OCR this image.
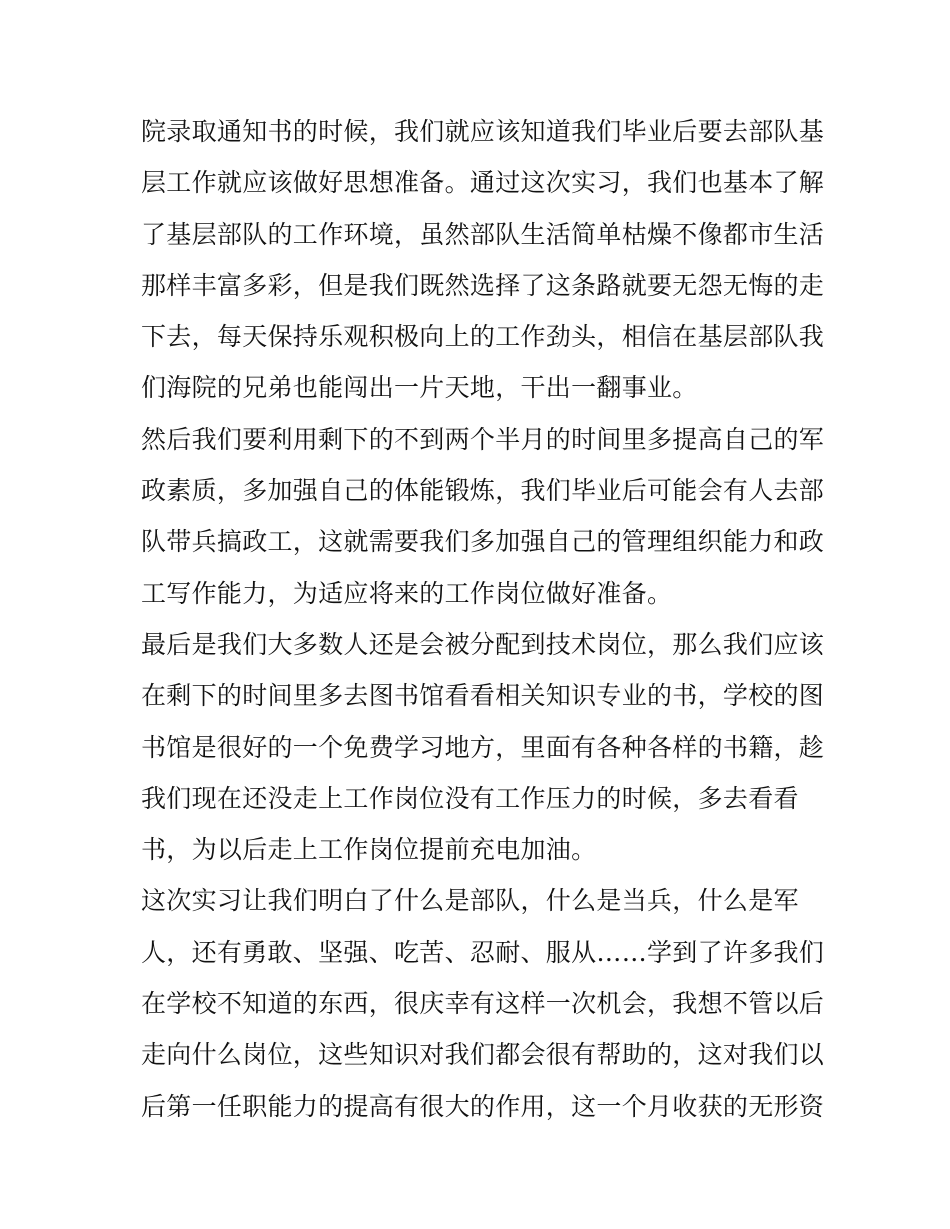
院录取通知书的时候，我们就应该知道我们毕业后要去部队基
层工作就应该做好思想准备。通过这次实习，我们也基本了解
了基层部队的工作环境，虽然部队生活简单枯燥不像都市生活
那样丰富多彩，但是我们既然选择了这条路就要无怨无悔的走
下去，每天保持乐观积极向上的工作劲头，相信在基层部队我
们海院的兄弟也能闯出一片天地，干出一翻事业。
然后我们要利用剩下的不到两个半月的时间里多提高自己的军
政素质，多加强自己的体能锻炼，我们毕业后可能会有人去部
队带兵搞政工，这就需要我们多加强自己的管理组织能力和政
工写作能力，为适应将来的工作岗位做好准备。
最后是我们大多数人还是会被分配到技术岗位，那么我们应该
在剩下的时间里多去图书馆看看相关知识专业的书，学校的图
书馆是很好的一个免费学习地方，里面有各种各样的书籍，趁
我们现在还没走上工作岗位没有工作压力的时候，多去看看
书，为以后走上工作岗位提前充电加油。
这次实习让我们明白了什么是部队，什么是当兵，什么是军
人，还有勇敢、坚强、吃苦、忍耐、服从……学到了许多我们
在学校不知道的东西，很庆幸有这样一次机会，我想不管以后
走向什么岗位，这些知识对我们都会很有帮助的，这对我们以
后第一任职能力的提高有很大的作用，这一个月收获的无形资
